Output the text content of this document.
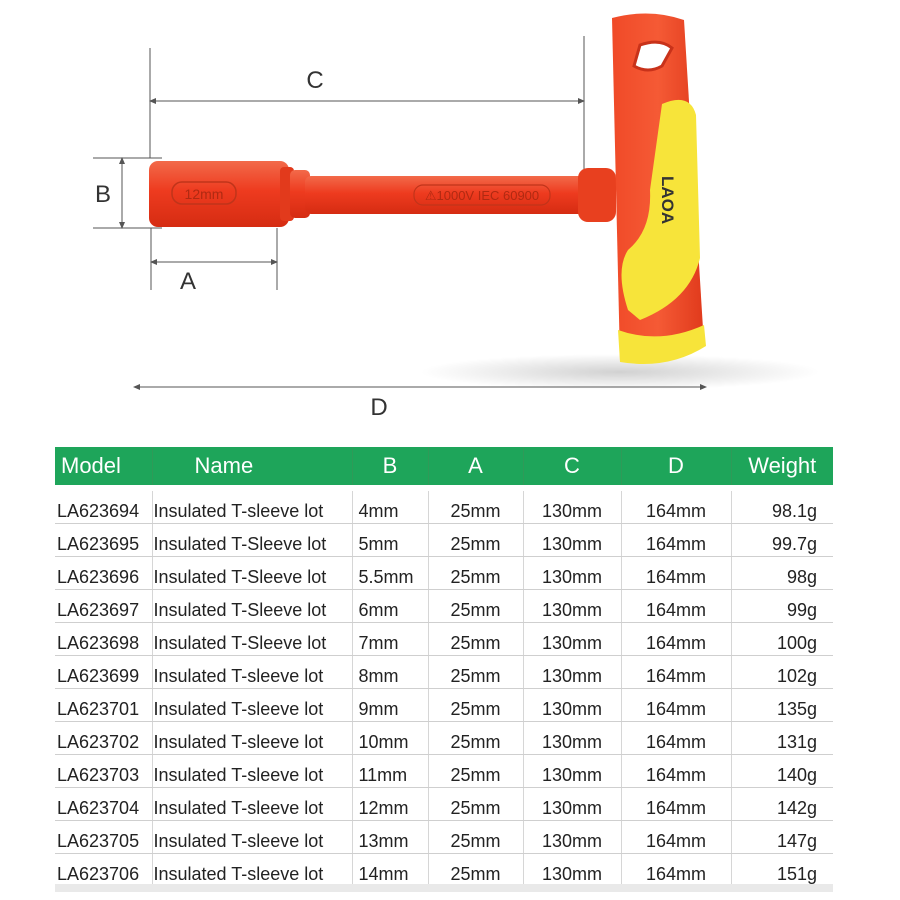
C
B
A
D
12mm	⚠1000V IEC 60900	LAOA
Model	Name	B	A	C	D	Weight
LA623694	Insulated T-sleeve lot	4mm	25mm	130mm	164mm	98.1g
LA623695	Insulated T-Sleeve lot	5mm	25mm	130mm	164mm	99.7g
LA623696	Insulated T-Sleeve lot	5.5mm	25mm	130mm	164mm	98g
LA623697	Insulated T-Sleeve lot	6mm	25mm	130mm	164mm	99g
LA623698	Insulated T-Sleeve lot	7mm	25mm	130mm	164mm	100g
LA623699	Insulated T-sleeve lot	8mm	25mm	130mm	164mm	102g
LA623701	Insulated T-sleeve lot	9mm	25mm	130mm	164mm	135g
LA623702	Insulated T-sleeve lot	10mm	25mm	130mm	164mm	131g
LA623703	Insulated T-sleeve lot	11mm	25mm	130mm	164mm	140g
LA623704	Insulated T-sleeve lot	12mm	25mm	130mm	164mm	142g
LA623705	Insulated T-sleeve lot	13mm	25mm	130mm	164mm	147g
LA623706	Insulated T-sleeve lot	14mm	25mm	130mm	164mm	151g
